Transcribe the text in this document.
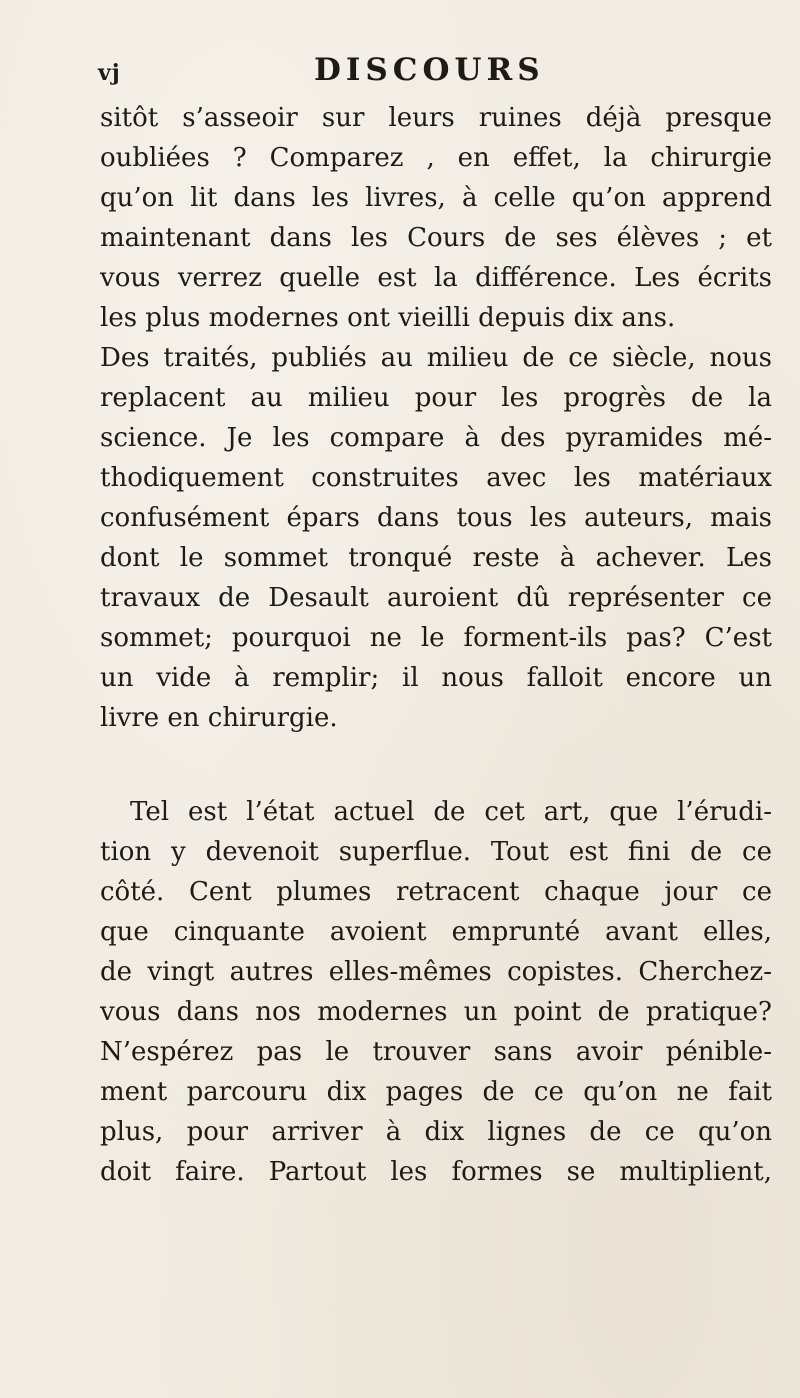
vj	DISCOURS
sitôt s’asseoir sur leurs ruines déjà presque
oubliées ? Comparez , en effet, la chirurgie
qu’on lit dans les livres, à celle qu’on apprend
maintenant dans les Cours de ses élèves ; et
vous verrez quelle est la différence. Les écrits
les plus modernes ont vieilli depuis dix ans.
Des traités, publiés au milieu de ce siècle, nous
replacent au milieu pour les progrès de la
science. Je les compare à des pyramides mé-
thodiquement construites avec les matériaux
confusément épars dans tous les auteurs, mais
dont le sommet tronqué reste à achever. Les
travaux de Desault auroient dû représenter ce
sommet; pourquoi ne le forment-ils pas? C’est
un vide à remplir; il nous falloit encore un
livre en chirurgie.
Tel est l’état actuel de cet art, que l’érudi-
tion y devenoit superflue. Tout est fini de ce
côté. Cent plumes retracent chaque jour ce
que cinquante avoient emprunté avant elles,
de vingt autres elles-mêmes copistes. Cherchez-
vous dans nos modernes un point de pratique?
N’espérez pas le trouver sans avoir pénible-
ment parcouru dix pages de ce qu’on ne fait
plus, pour arriver à dix lignes de ce qu’on
doit faire. Partout les formes se multiplient,
